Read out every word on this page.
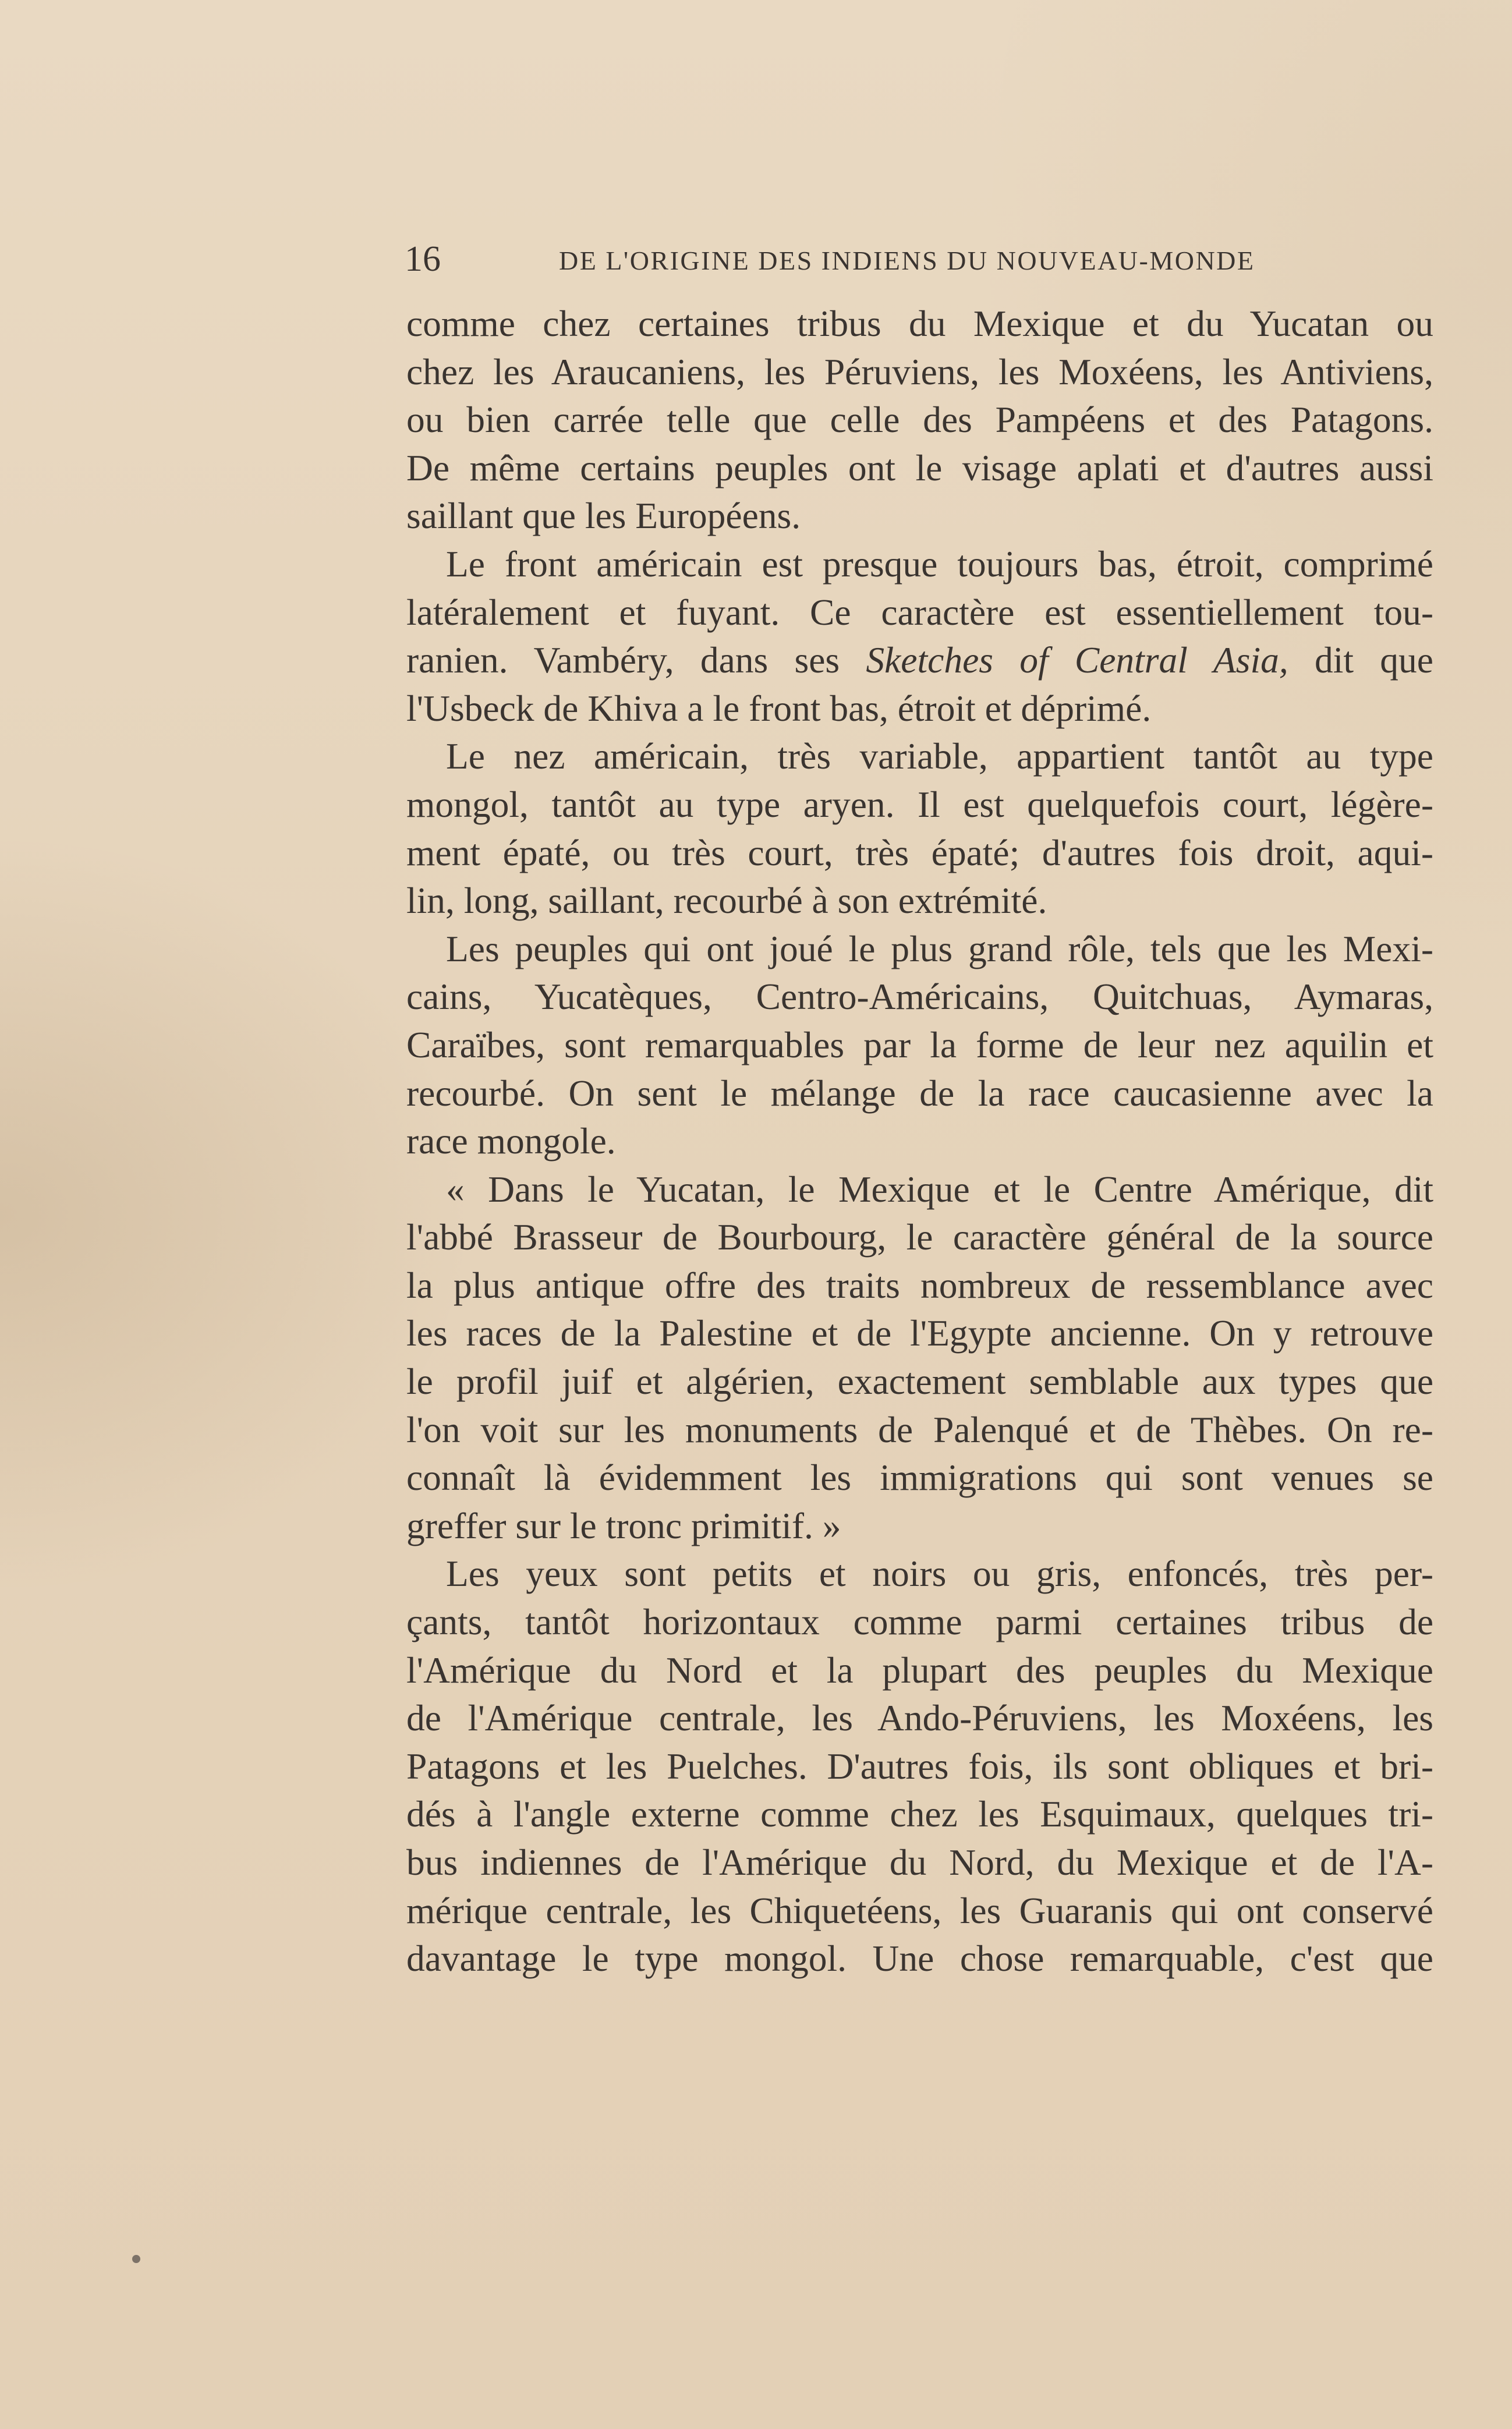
16	DE L'ORIGINE DES INDIENS DU NOUVEAU-MONDE
comme chez certaines tribus du Mexique et du Yucatan ou
chez les Araucaniens, les Péruviens, les Moxéens, les Antiviens,
ou bien carrée telle que celle des Pampéens et des Patagons.
De même certains peuples ont le visage aplati et d'autres aussi
saillant que les Européens.
Le front américain est presque toujours bas, étroit, comprimé
latéralement et fuyant. Ce caractère est essentiellement tou-
ranien. Vambéry, dans ses Sketches of Central Asia, dit que
l'Usbeck de Khiva a le front bas, étroit et déprimé.
Le nez américain, très variable, appartient tantôt au type
mongol, tantôt au type aryen. Il est quelquefois court, légère-
ment épaté, ou très court, très épaté; d'autres fois droit, aqui-
lin, long, saillant, recourbé à son extrémité.
Les peuples qui ont joué le plus grand rôle, tels que les Mexi-
cains, Yucatèques, Centro-Américains, Quitchuas, Aymaras,
Caraïbes, sont remarquables par la forme de leur nez aquilin et
recourbé. On sent le mélange de la race caucasienne avec la
race mongole.
« Dans le Yucatan, le Mexique et le Centre Amérique, dit
l'abbé Brasseur de Bourbourg, le caractère général de la source
la plus antique offre des traits nombreux de ressemblance avec
les races de la Palestine et de l'Egypte ancienne. On y retrouve
le profil juif et algérien, exactement semblable aux types que
l'on voit sur les monuments de Palenqué et de Thèbes. On re-
connaît là évidemment les immigrations qui sont venues se
greffer sur le tronc primitif. »
Les yeux sont petits et noirs ou gris, enfoncés, très per-
çants, tantôt horizontaux comme parmi certaines tribus de
l'Amérique du Nord et la plupart des peuples du Mexique
de l'Amérique centrale, les Ando-Péruviens, les Moxéens, les
Patagons et les Puelches. D'autres fois, ils sont obliques et bri-
dés à l'angle externe comme chez les Esquimaux, quelques tri-
bus indiennes de l'Amérique du Nord, du Mexique et de l'A-
mérique centrale, les Chiquetéens, les Guaranis qui ont conservé
davantage le type mongol. Une chose remarquable, c'est que
